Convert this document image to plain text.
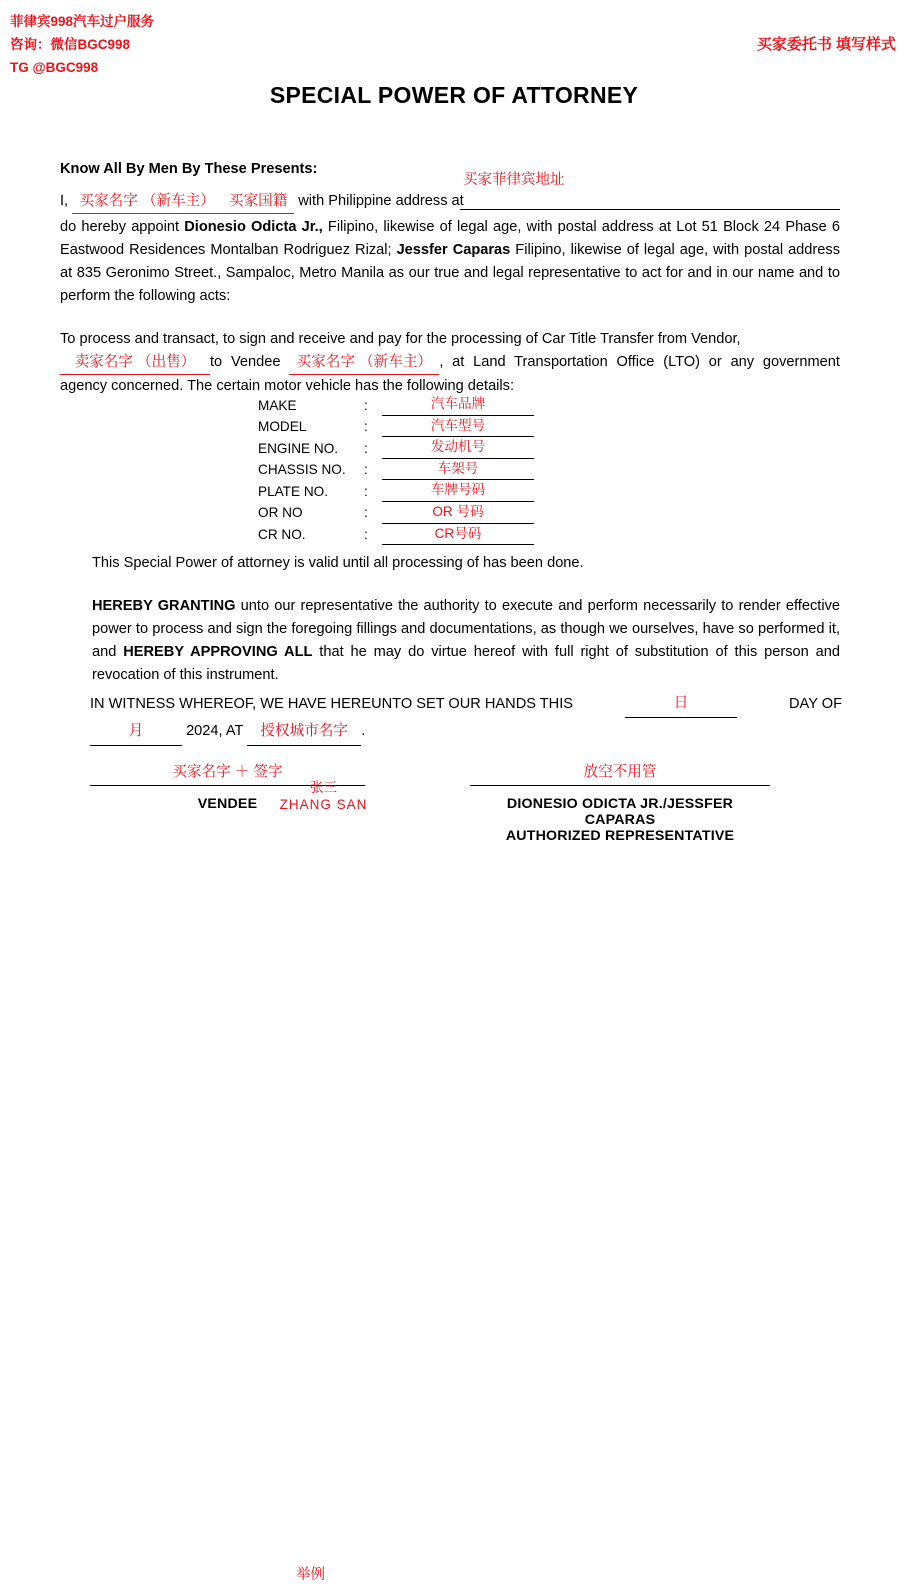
菲律宾998汽车过户服务
咨询：微信BGC998
TG @BGC998
买家委托书 填写样式
SPECIAL POWER OF ATTORNEY
Know All By Men By These Presents:
I, 买家名字 （新车主） 买家国籍 with Philippine address at
买家菲律宾地址

do hereby appoint Dionesio Odicta Jr., Filipino, likewise of legal age, with postal address at Lot 51 Block 24 Phase 6 Eastwood Residences Montalban Rodriguez Rizal; Jessfer Caparas Filipino, likewise of legal age, with postal address at 835 Geronimo Street., Sampaloc, Metro Manila as our true and legal representative to act for and in our name and to perform the following acts:

To process and transact, to sign and receive and pay for the processing of Car Title Transfer from Vendor,
卖家名字 （出售） to Vendee 买家名字 （新车主） , at Land Transportation Office (LTO) or any government agency concerned. The certain motor vehicle has the following details:

MAKE	:	汽车品牌
MODEL	:	汽车型号
ENGINE NO.	:	发动机号
CHASSIS NO.	:	车架号
PLATE NO.	:	车牌号码
OR NO	:	OR 号码
CR NO.	:	CR号码

This Special Power of attorney is valid until all processing of has been done.

HEREBY GRANTING unto our representative the authority to execute and perform necessarily to render effective power to process and sign the foregoing fillings and documentations, as though we ourselves, have so performed it, and HEREBY APPROVING ALL that he may do virtue hereof with full right of substitution of this person and revocation of this instrument.

IN WITNESS WHEREOF, WE HAVE HEREUNTO SET OUR HANDS THIS	日	DAY OF
月	2024, AT 授权城市名字 .
买家名字 ＋ 签字
VENDEE
张三
ZHANG SAN
举例
放空不用管
DIONESIO ODICTA JR./JESSFER CAPARAS
AUTHORIZED REPRESENTATIVE
